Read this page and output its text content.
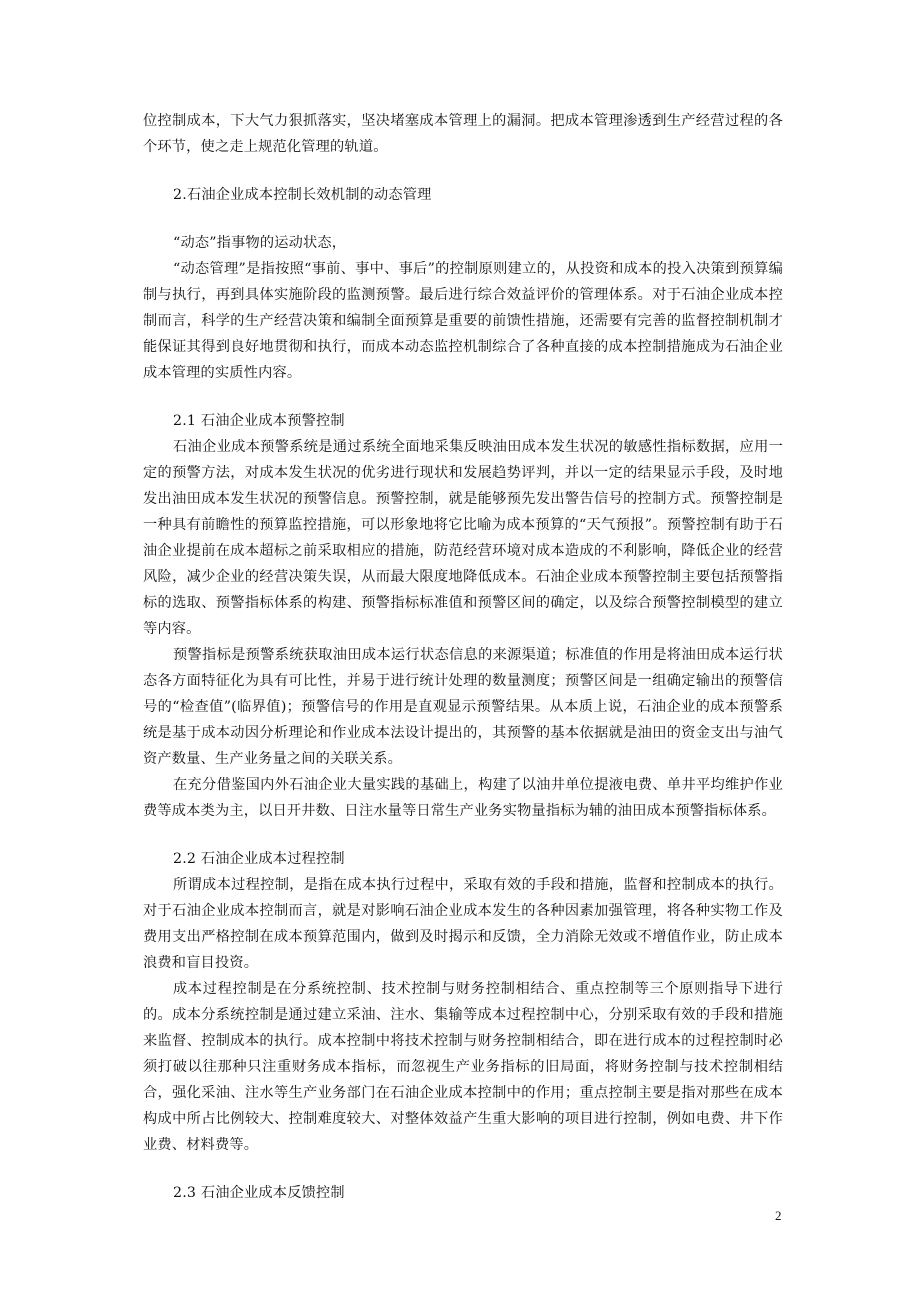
位控制成本，下大气力狠抓落实，坚决堵塞成本管理上的漏洞。把成本管理渗透到生产经营过程的各个环节，使之走上规范化管理的轨道。

2.石油企业成本控制长效机制的动态管理

“动态”指事物的运动状态，

“动态管理”是指按照“事前、事中、事后”的控制原则建立的，从投资和成本的投入决策到预算编制与执行，再到具体实施阶段的监测预警。最后进行综合效益评价的管理体系。对于石油企业成本控制而言，科学的生产经营决策和编制全面预算是重要的前馈性措施，还需要有完善的监督控制机制才能保证其得到良好地贯彻和执行，而成本动态监控机制综合了各种直接的成本控制措施成为石油企业成本管理的实质性内容。

2.1 石油企业成本预警控制

石油企业成本预警系统是通过系统全面地采集反映油田成本发生状况的敏感性指标数据，应用一定的预警方法，对成本发生状况的优劣进行现状和发展趋势评判，并以一定的结果显示手段，及时地发出油田成本发生状况的预警信息。预警控制，就是能够预先发出警告信号的控制方式。预警控制是一种具有前瞻性的预算监控措施，可以形象地将它比喻为成本预算的“天气预报”。预警控制有助于石油企业提前在成本超标之前采取相应的措施，防范经营环境对成本造成的不利影响，降低企业的经营风险，减少企业的经营决策失误，从而最大限度地降低成本。石油企业成本预警控制主要包括预警指标的选取、预警指标体系的构建、预警指标标准值和预警区间的确定，以及综合预警控制模型的建立等内容。

预警指标是预警系统获取油田成本运行状态信息的来源渠道；标准值的作用是将油田成本运行状态各方面特征化为具有可比性，并易于进行统计处理的数量测度；预警区间是一组确定输出的预警信号的“检查值”(临界值)；预警信号的作用是直观显示预警结果。从本质上说，石油企业的成本预警系统是基于成本动因分析理论和作业成本法设计提出的，其预警的基本依据就是油田的资金支出与油气资产数量、生产业务量之间的关联关系。

在充分借鉴国内外石油企业大量实践的基础上，构建了以油井单位提液电费、单井平均维护作业费等成本类为主，以日开井数、日注水量等日常生产业务实物量指标为辅的油田成本预警指标体系。

2.2 石油企业成本过程控制

所谓成本过程控制，是指在成本执行过程中，采取有效的手段和措施，监督和控制成本的执行。对于石油企业成本控制而言，就是对影响石油企业成本发生的各种因素加强管理，将各种实物工作及费用支出严格控制在成本预算范围内，做到及时揭示和反馈，全力消除无效或不增值作业，防止成本浪费和盲目投资。

成本过程控制是在分系统控制、技术控制与财务控制相结合、重点控制等三个原则指导下进行的。成本分系统控制是通过建立采油、注水、集输等成本过程控制中心，分别采取有效的手段和措施来监督、控制成本的执行。成本控制中将技术控制与财务控制相结合，即在进行成本的过程控制时必须打破以往那种只注重财务成本指标，而忽视生产业务指标的旧局面，将财务控制与技术控制相结合，强化采油、注水等生产业务部门在石油企业成本控制中的作用；重点控制主要是指对那些在成本构成中所占比例较大、控制难度较大、对整体效益产生重大影响的项目进行控制，例如电费、井下作业费、材料费等。

2.3 石油企业成本反馈控制

2
